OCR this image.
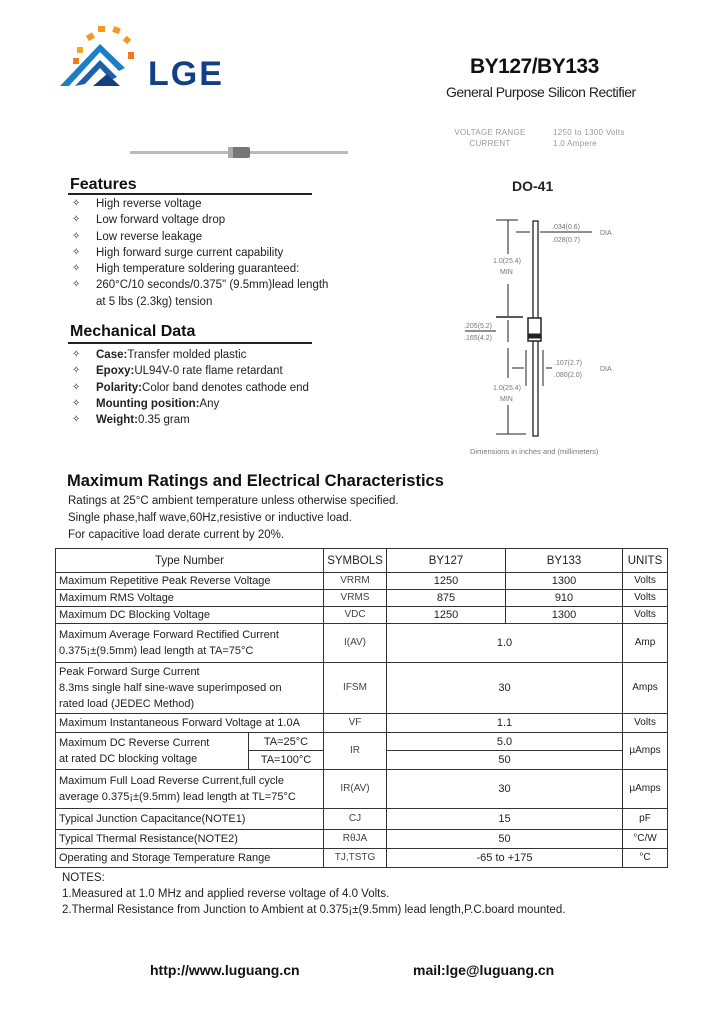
LGE	BY127/BY133
General Purpose Silicon Rectifier
VOLTAGE RANGE
CURRENT
1250 to 1300 Volts
1.0 Ampere
Features
✧ High reverse voltage
✧ Low forward voltage drop
✧ Low reverse leakage
✧ High forward surge current capability
✧ High temperature soldering guaranteed:
✧ 260°C/10 seconds/0.375" (9.5mm)lead length
at 5 lbs (2.3kg) tension
Mechanical Data
✧ Case:Transfer molded plastic
✧ Epoxy:UL94V-0 rate flame retardant
✧ Polarity:Color band denotes cathode end
✧ Mounting position:Any
✧ Weight:0.35 gram
DO-41
.034(0.6)
.028(0.7)
DIA
1.0(25.4)
MIN
.205(5.2)
.165(4.2)
.107(2.7)
.080(2.0)
DIA
1.0(25.4)
MIN
Dimensions in inches and (millimeters)
Maximum Ratings and Electrical Characteristics
Ratings at 25°C ambient temperature unless otherwise specified.
Single phase,half wave,60Hz,resistive or inductive load.
For capacitive load derate current by 20%.
Type Number		SYMBOLS	BY127	BY133	UNITS
Maximum Repetitive Peak Reverse Voltage		VRRM	1250	1300	Volts
Maximum RMS Voltage		VRMS	875	910	Volts
Maximum DC Blocking Voltage		VDC	1250	1300	Volts

Maximum Average Forward Rectified Current
0.375¡±(9.5mm) lead length at TA=75°C		I(AV)	1.0		Amp

Peak Forward Surge Current
8.3ms single half sine-wave superimposed on
rated load (JEDEC Method)		IFSM	30		Amps
Maximum Instantaneous Forward Voltage at 1.0A		VF	1.1		Volts

Maximum DC Reverse Current
at rated DC blocking voltage	TA=25°C	IR	5.0		µAmps
	TA=100°C		50		

Maximum Full Load Reverse Current,full cycle
average 0.375¡±(9.5mm) lead length at TL=75°C		IR(AV)	30		µAmps
Typical Junction Capacitance(NOTE1)		CJ	15		pF
Typical Thermal Resistance(NOTE2)		RθJA	50		°C/W
Operating and Storage Temperature Range		TJ,TSTG	-65 to +175		°C
NOTES:
1.Measured at 1.0 MHz and applied reverse voltage of 4.0 Volts.
2.Thermal Resistance from Junction to Ambient at 0.375¡±(9.5mm) lead length,P.C.board mounted.
http://www.luguang.cn	mail:lge@luguang.cn
